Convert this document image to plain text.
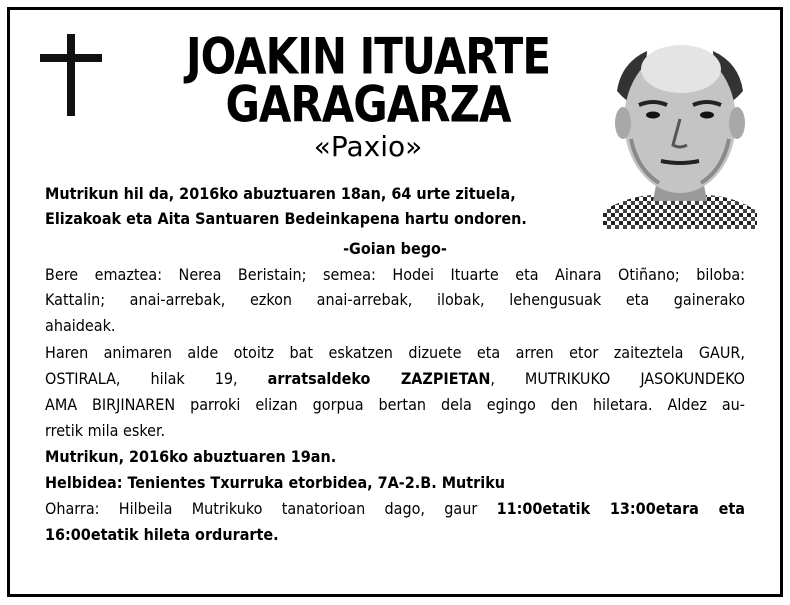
JOAKIN ITUARTE
GARAGARZA
«Paxio»
Mutrikun hil da, 2016ko abuztuaren 18an, 64 urte zituela,
Elizakoak eta Aita Santuaren Bedeinkapena hartu ondoren.
-Goian bego-
Bere emaztea: Nerea Beristain; semea: Hodei Ituarte eta Ainara Otiñano; biloba:
Kattalin; anai-arrebak, ezkon anai-arrebak, ilobak, lehengusuak eta gainerako
ahaideak.
Haren animaren alde otoitz bat eskatzen dizuete eta arren etor zaiteztela GAUR,
OSTIRALA, hilak 19, arratsaldeko ZAZPIETAN, MUTRIKUKO JASOKUNDEKO
AMA BIRJINAREN parroki elizan gorpua bertan dela egingo den hiletara. Aldez au-
rretik mila esker.
Mutrikun, 2016ko abuztuaren 19an.
Helbidea: Tenientes Txurruka etorbidea, 7A-2.B. Mutriku
Oharra: Hilbeila Mutrikuko tanatorioan dago, gaur 11:00etatik 13:00etara eta
16:00etatik hileta ordurarte.
